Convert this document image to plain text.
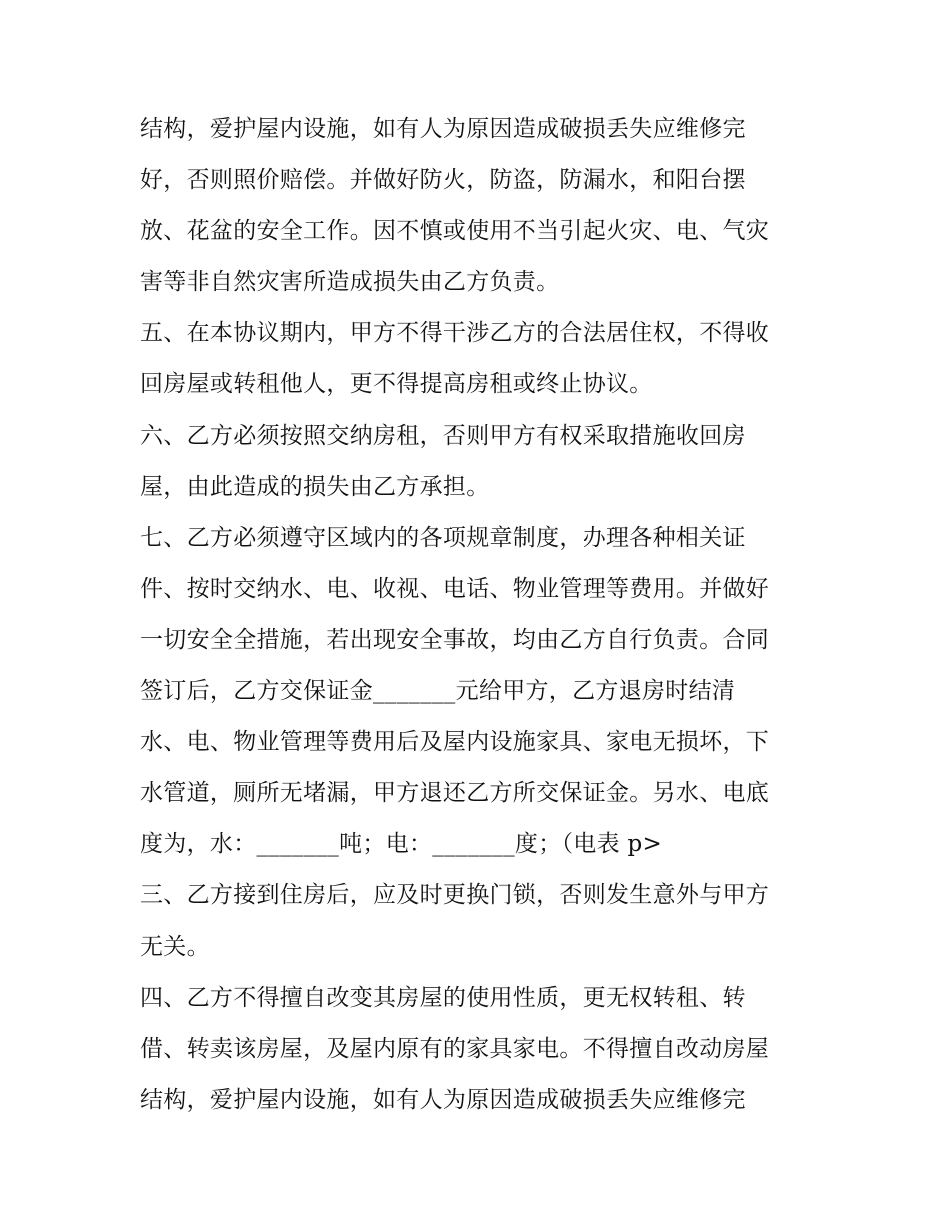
结构，爱护屋内设施，如有人为原因造成破损丢失应维修完
好，否则照价赔偿。并做好防火，防盗，防漏水，和阳台摆
放、花盆的安全工作。因不慎或使用不当引起火灾、电、气灾
害等非自然灾害所造成损失由乙方负责。
五、在本协议期内，甲方不得干涉乙方的合法居住权，不得收
回房屋或转租他人，更不得提高房租或终止协议。
六、乙方必须按照交纳房租，否则甲方有权采取措施收回房
屋，由此造成的损失由乙方承担。
七、乙方必须遵守区域内的各项规章制度，办理各种相关证
件、按时交纳水、电、收视、电话、物业管理等费用。并做好
一切安全全措施，若出现安全事故，均由乙方自行负责。合同
签订后，乙方交保证金_______元给甲方，乙方退房时结清
水、电、物业管理等费用后及屋内设施家具、家电无损坏，下
水管道，厕所无堵漏，甲方退还乙方所交保证金。另水、电底
度为，水：_______吨；电：_______度；（电表 p>
三、乙方接到住房后，应及时更换门锁，否则发生意外与甲方
无关。
四、乙方不得擅自改变其房屋的使用性质，更无权转租、转
借、转卖该房屋，及屋内原有的家具家电。不得擅自改动房屋
结构，爱护屋内设施，如有人为原因造成破损丢失应维修完
